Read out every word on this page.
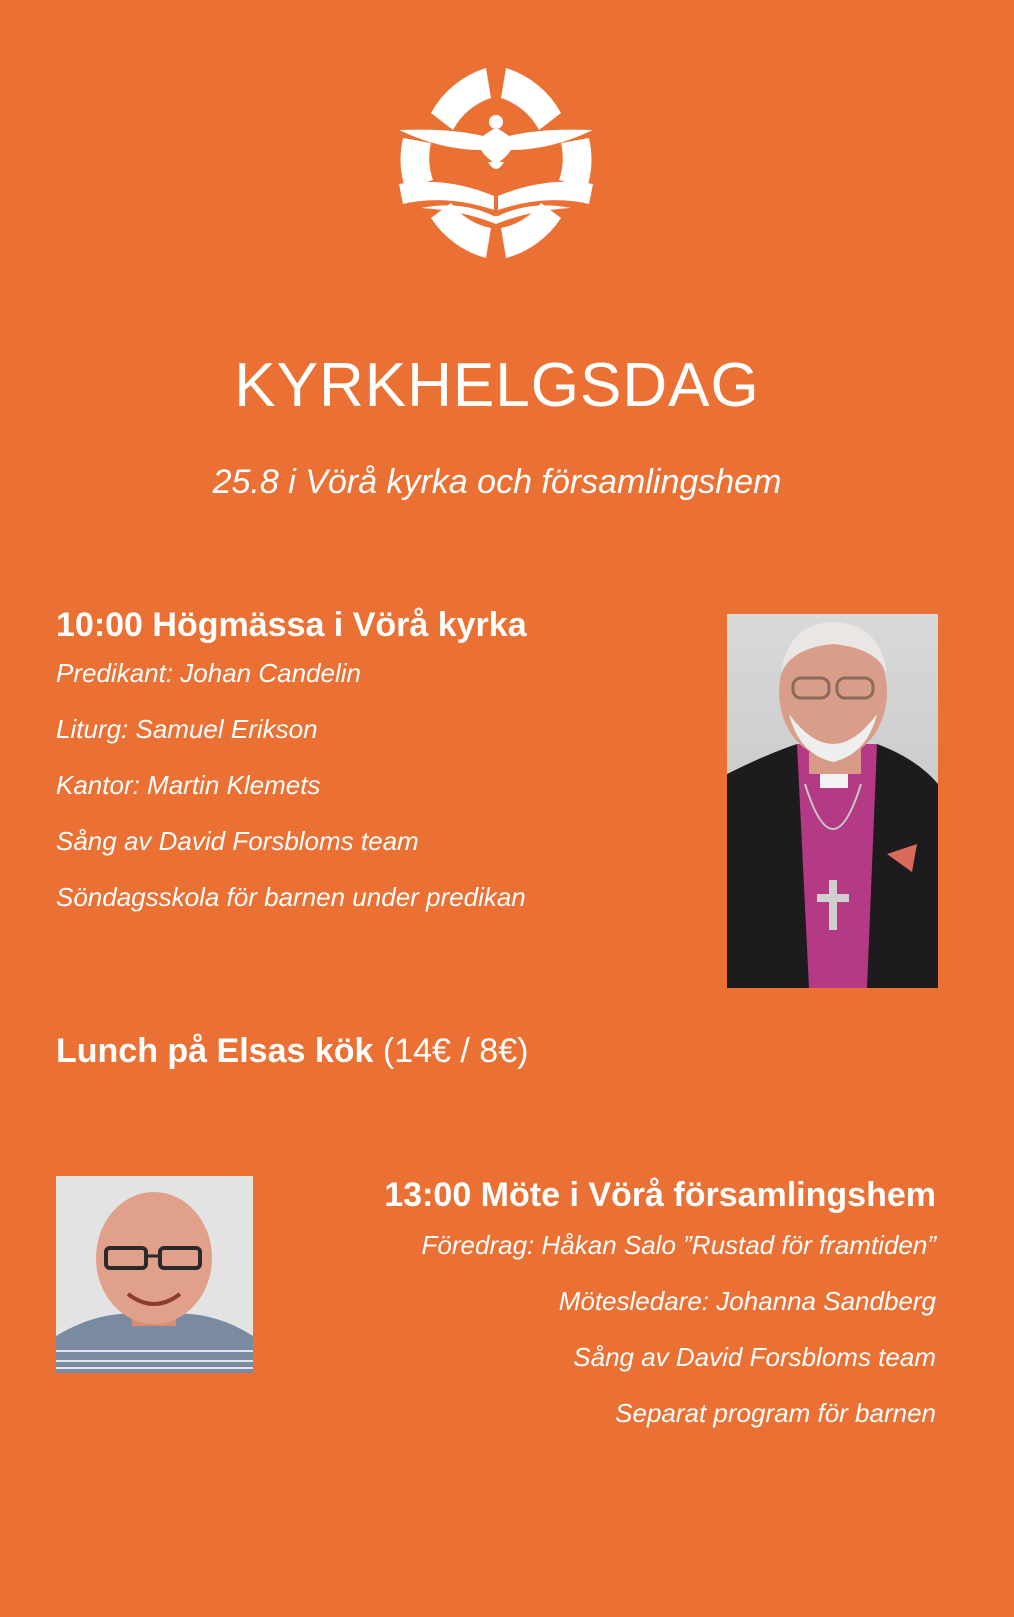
KYRKHELGSDAG
25.8 i Vörå kyrka och församlingshem
10:00 Högmässa i Vörå kyrka
Predikant: Johan Candelin
Liturg: Samuel Erikson
Kantor: Martin Klemets
Sång av David Forsbloms team
Söndagsskola för barnen under predikan
Lunch på Elsas kök (14€ / 8€)
13:00 Möte i Vörå församlingshem
Föredrag: Håkan Salo ”Rustad för framtiden”
Mötesledare: Johanna Sandberg
Sång av David Forsbloms team
Separat program för barnen
